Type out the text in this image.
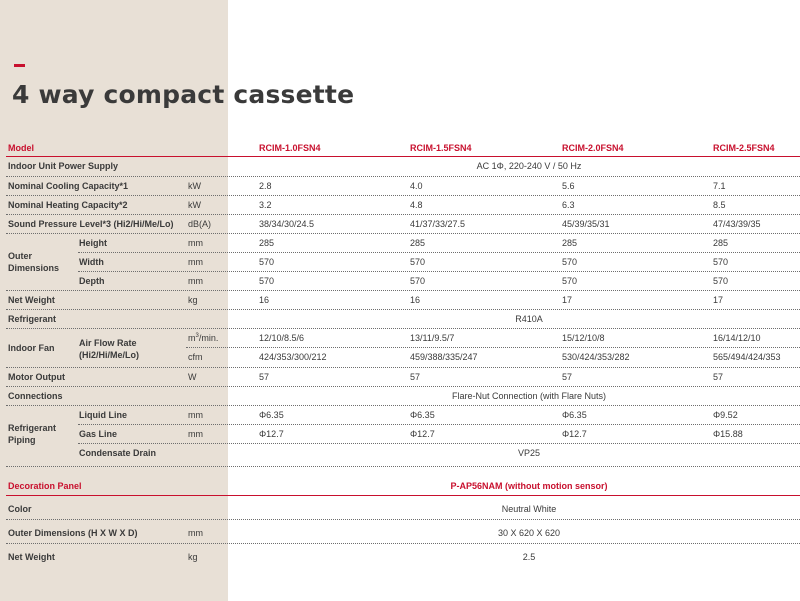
4 way compact cassette
Model	RCIM-1.0FSN4	RCIM-1.5FSN4	RCIM-2.0FSN4	RCIM-2.5FSN4
Indoor Unit Power Supply	AC 1Φ, 220-240 V / 50 Hz
Nominal Cooling Capacity*1	kW	2.8	4.0	5.6	7.1
Nominal Heating Capacity*2	kW	3.2	4.8	6.3	8.5
Sound Pressure Level*3 (Hi2/Hi/Me/Lo) dB(A)	38/34/30/24.5	41/37/33/27.5	45/39/35/31	47/43/39/35
Outer
Dimensions
Height	mm	285	285	285	285
Width	mm	570	570	570	570
Depth	mm	570	570	570	570
Net Weight	kg	16	16	17	17
Refrigerant	R410A
Indoor Fan	Air Flow Rate
(Hi2/Hi/Me/Lo)
$m^3/\min$.	12/10/8.5/6	13/11/9.5/7	15/12/10/8	16/14/12/10
cfm	424/353/300/212	459/388/335/247	530/424/353/282	565/494/424/353
Motor Output	W	57	57	57	57
Connections	Flare-Nut Connection (with Flare Nuts)
Refrigerant
Piping
Liquid Line	mm	Φ6.35	Φ6.35	Φ6.35	Φ9.52
Gas Line	mm	Φ12.7	Φ12.7	Φ12.7	Φ15.88
Condensate Drain	VP25
Decoration Panel	P-AP56NAM (without motion sensor)
Color	Neutral White
Outer Dimensions (H X W X D)	mm	30 X 620 X 620
Net Weight	kg	2.5
